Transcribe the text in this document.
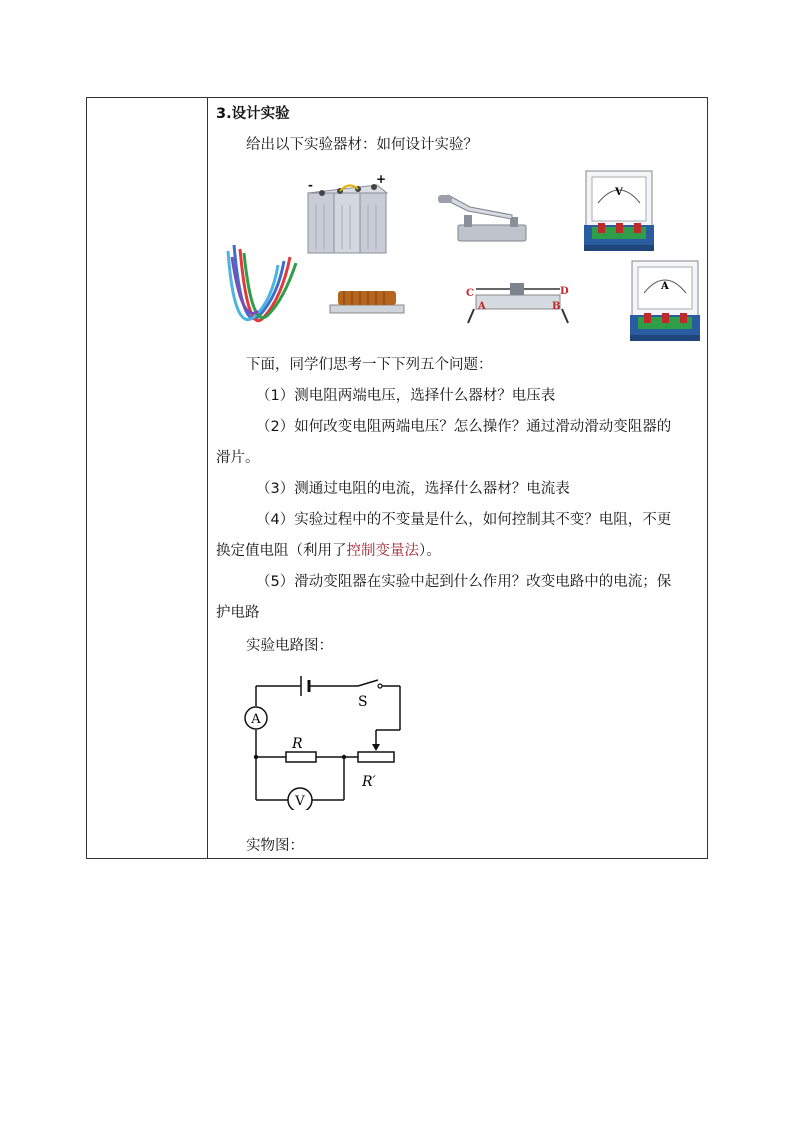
3.设计实验
给出以下实验器材：如何设计实验？
-	+
V
C	D
A	B
A
下面，同学们思考一下下列五个问题：
（1）测电阻两端电压，选择什么器材？电压表
（2）如何改变电阻两端电压？怎么操作？通过滑动滑动变阻器的
滑片。
（3）测通过电阻的电流，选择什么器材？电流表
（4）实验过程中的不变量是什么，如何控制其不变？电阻，不更
换定值电阻（利用了控制变量法）。
（5）滑动变阻器在实验中起到什么作用？改变电路中的电流；保
护电路
实验电路图：
A
V
S
R
R′
实物图：
